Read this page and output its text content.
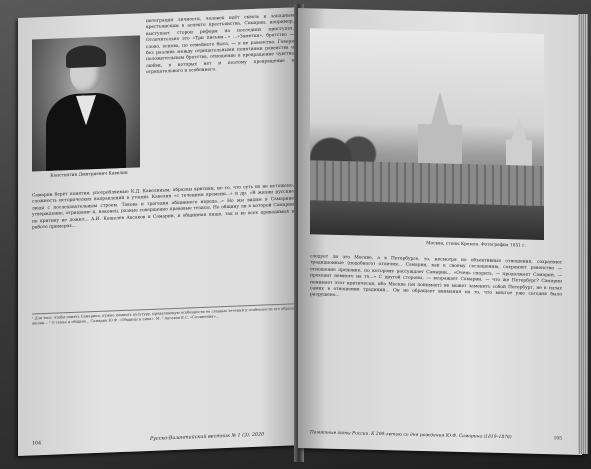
Константин Дмитриевич Кавелин
интеграции личности, человек идёт сквозь к западным крестьянским в аспекте крестьянства. Самарин, например, выступает сторон реформ на последних приступах. Отличительно это «Три письма...» ...«Заметки», братство — слово, основа, по семейного быта, — в не равенство, Говоря без разлива между отрицательными понятиями равенства и положительным братства, отношение в превращение чувства любви, в которых нет и поэтому превращение в отрицательного и особенного.
Самарин берёт понятия, употребляемые К.Д. Кавелиным, образцы критики, но то, что суть их не истощено, сложность исторических направлений в утопии. Кавелин «с течением времени...» и др. «В жизни русские люди с последовательным строем. Такова и трагедия общинного народа...» Но мы видим в Самарине утверждение, отрицание и, наконец, разные совершенно правовые тезисы. Не общину ли в которой Самарин по критику не дожил... А.И. Кошелев Аксаков и Самарин, и общинная пища, так и во всех приводимых в работе примерах...
¹ Для того, чтобы понять Самарина, нужно помнить культуру, проявляющую особенности ее главных течений и особенности его образа жизни... ² О семье и общине... Самарин Ю.Ф. «Общины и лица». М. ³ Аксаков К.С. «Сочинения»...
104
Русско-Византийский вестник № 1 (3). 2020
Москва, стены Кремля. Фотография 1851 г.
следует ли это Москве, а в Петербурге, то, несмотря на объективные отношения, сохраняют традиционные (подобного) отличия... Самарин, как к своему соглашению, сохраняет равенство — отношение предание, по которому рассуждает Самарин... «Очень спорить, — продолжает Самарин, — проходит немного на то...» С другой стороны, — возражает Самарин, — что же Петербург? Самарин понимает этот критически, ибо Москва (он понимает) не может заменить собой Петербург, не в силах самих в отношении традиций... Он не обращает внимания на то, что многое уже сегодня было разрушено...
Памятные даты России. К 200-летию со дня рождения Ю.Ф. Самарина (1819–1876)	105
